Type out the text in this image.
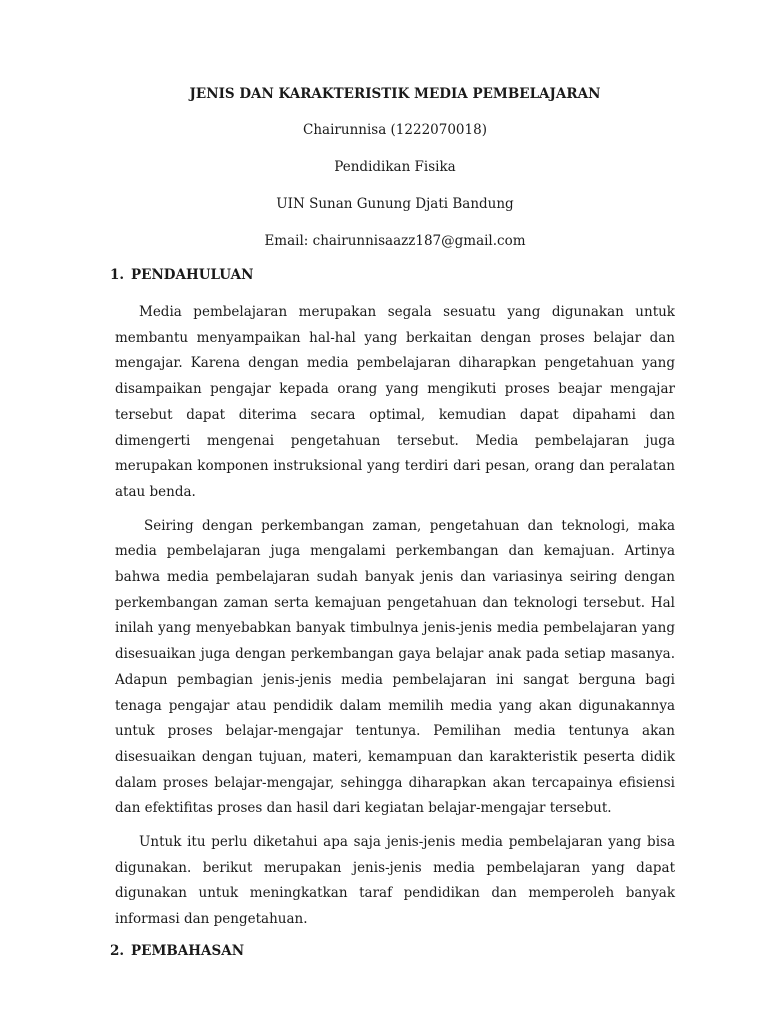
JENIS DAN KARAKTERISTIK MEDIA PEMBELAJARAN

Chairunnisa (1222070018)

Pendidikan Fisika

UIN Sunan Gunung Djati Bandung

Email: chairunnisaazz187@gmail.com

1. PENDAHULUAN

Media pembelajaran merupakan segala sesuatu yang digunakan untuk membantu menyampaikan hal-hal yang berkaitan dengan proses belajar dan mengajar. Karena dengan media pembelajaran diharapkan pengetahuan yang disampaikan pengajar kepada orang yang mengikuti proses beajar mengajar tersebut dapat diterima secara optimal, kemudian dapat dipahami dan dimengerti mengenai pengetahuan tersebut. Media pembelajaran juga merupakan komponen instruksional yang terdiri dari pesan, orang dan peralatan atau benda.

Seiring dengan perkembangan zaman, pengetahuan dan teknologi, maka media pembelajaran juga mengalami perkembangan dan kemajuan. Artinya bahwa media pembelajaran sudah banyak jenis dan variasinya seiring dengan perkembangan zaman serta kemajuan pengetahuan dan teknologi tersebut. Hal inilah yang menyebabkan banyak timbulnya jenis-jenis media pembelajaran yang disesuaikan juga dengan perkembangan gaya belajar anak pada setiap masanya. Adapun pembagian jenis-jenis media pembelajaran ini sangat berguna bagi tenaga pengajar atau pendidik dalam memilih media yang akan digunakannya untuk proses belajar-mengajar tentunya. Pemilihan media tentunya akan disesuaikan dengan tujuan, materi, kemampuan dan karakteristik peserta didik dalam proses belajar-mengajar, sehingga diharapkan akan tercapainya efisiensi dan efektifitas proses dan hasil dari kegiatan belajar-mengajar tersebut.

Untuk itu perlu diketahui apa saja jenis-jenis media pembelajaran yang bisa digunakan. berikut merupakan jenis-jenis media pembelajaran yang dapat digunakan untuk meningkatkan taraf pendidikan dan memperoleh banyak informasi dan pengetahuan.

2. PEMBAHASAN
